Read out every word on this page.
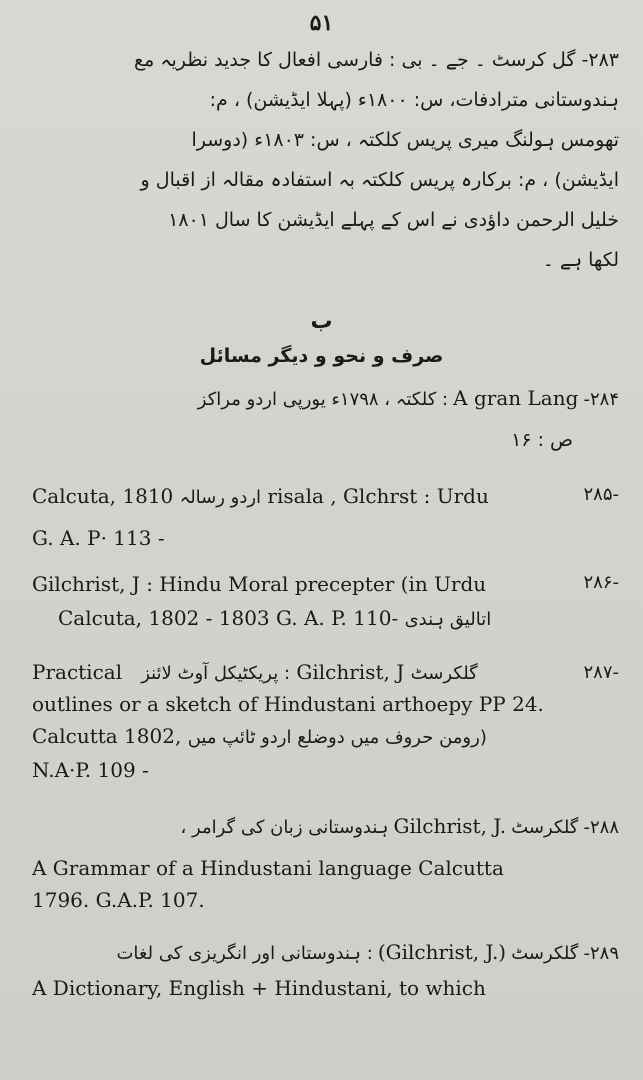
۵۱
۲۸۳- گل کرسٹ ۔ جے ۔ بی : فارسی افعال کا جدید نظریہ مع
ہندوستانی مترادفات، س: ۱۸۰۰ء (پہلا ایڈیشن) ، م:
تھومس ہولنگ میری پریس کلکتہ ، س: ۱۸۰۳ء (دوسرا
ایڈیشن) ، م: برکارہ پریس کلکتہ بہ استفادہ مقالہ از اقبال و
خلیل الرحمن داؤدی نے اس کے پہلے ایڈیشن کا سال ۱۸۰۱
لکھا ہے ۔
ب
صرف و نحو و دیگر مسائل
۲۸۴- A gran Lang : کلکتہ ، ۱۷۹۸ء یورپی اردو مراکز
ص : ۱۶
۲۸۵-
Calcuta, 1810 اردو رسالہ risala , Glchrst : Urdu
G. A. P· 113 -
۲۸۶-
Gilchrist, J : Hindu Moral precepter (in Urdu
Calcuta, 1802 - 1803 G. A. P. 110- اتالیق ہندی
۲۸۷-
Practical : پریکٹیکل آوٹ لائنز Gilchrist, J گلکرسٹ
outlines or a sketch of Hindustani arthoepy PP 24.
Calcutta 1802, (رومن حروف میں دوضلع اردو ٹائپ میں
N.A·P. 109 -
۲۸۸- گلکرسٹ Gilchrist, J. ہندوستانی زبان کی گرامر ،
A Grammar of a Hindustani language Calcutta
1796. G.A.P. 107.
۲۸۹- گلکرسٹ (Gilchrist, J.) : ہندوستانی اور انگریزی کی لغات
A Dictionary, English + Hindustani, to which
